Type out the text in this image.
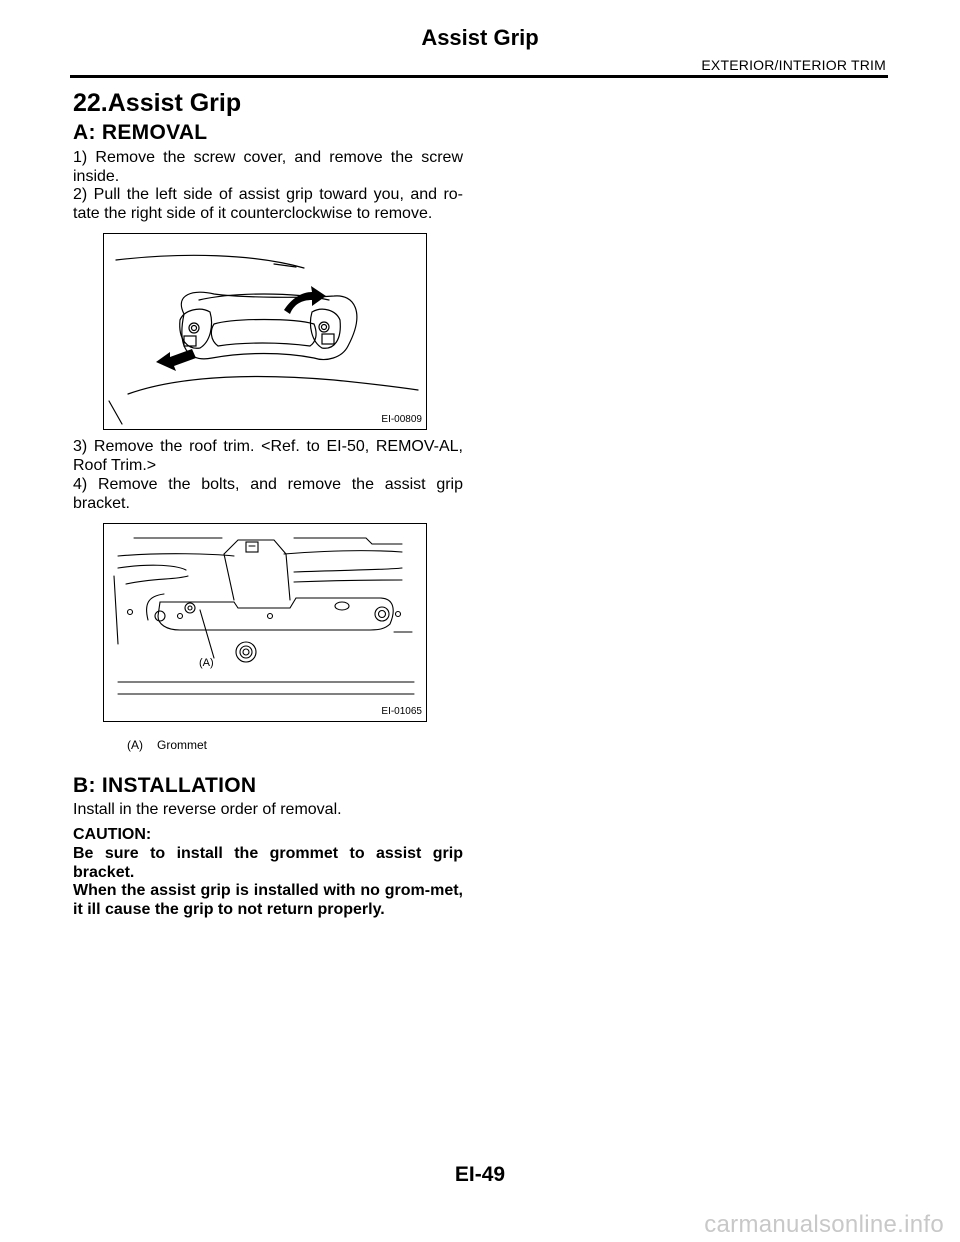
Assist Grip
EXTERIOR/INTERIOR TRIM
22.Assist Grip
A: REMOVAL
1) Remove the screw cover, and remove the screw inside.
2) Pull the left side of assist grip toward you, and ro-tate the right side of it counterclockwise to remove.
EI-00809
3) Remove the roof trim. <Ref. to EI-50, REMOV-AL, Roof Trim.>
4) Remove the bolts, and remove the assist grip bracket.
(A)
EI-01065
(A) Grommet
B: INSTALLATION
Install in the reverse order of removal.
CAUTION:
Be sure to install the grommet to assist grip bracket.
When the assist grip is installed with no grom-met, it ill cause the grip to not return properly.
EI-49
carmanualsonline.info
